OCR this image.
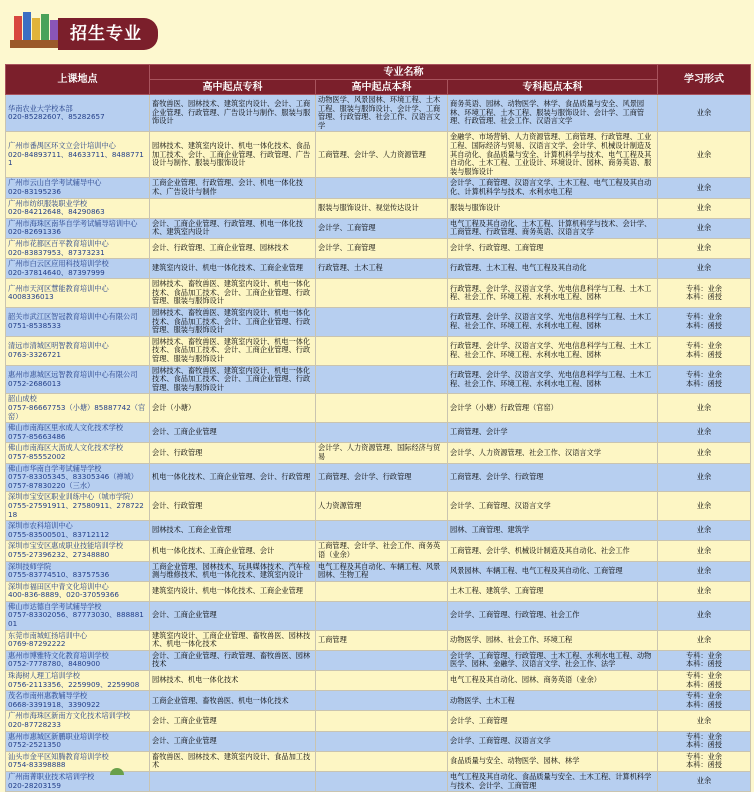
招生专业
上课地点	专业名称			学习形式
	高中起点专科	高中起点本科	专科起点本科	
华南农业大学校本部
020-85282607、85282657	畜牧兽医、园林技术、建筑室内设计、会计、工商企业管理、行政管理、广告设计与制作、服装与服饰设计	动物医学、风景园林、环境工程、土木工程、服装与服饰设计、会计学、工商管理、行政管理、社会工作、汉语言文学	商务英语、园林、动物医学、林学、食品质量与安全、风景园林、环境工程、土木工程、服装与服饰设计、会计学、工商管理、行政管理、社会工作、汉语言文学	业余
广州市番禺区环文立会计培训中心
020-84893711、84633711、84887711	园林技术、建筑室内设计、机电一体化技术、食品加工技术、会计、工商企业管理、行政管理、广告设计与制作、服装与服饰设计	工商管理、会计学、人力资源管理	金融学、市场营销、人力资源管理、工商管理、行政管理、工业工程、国际经济与贸易、汉语言文学、会计学、机械设计制造及其自动化、食品质量与安全、计算机科学与技术、电气工程及其自动化、土木工程、工业设计、环境设计、园林、商务英语、服装与服饰设计	业余
广州市云山自学考试辅导中心
020-83195236	工商企业管理、行政管理、会计、机电一体化技术、广告设计与制作		会计学、工商管理、汉语言文学、土木工程、电气工程及其自动化、计算机科学与技术、水利水电工程	业余
广州市纺织服装职业学校
020-84212648、84290863		服装与服饰设计、视觉传达设计	服装与服饰设计	业余
广州市海珠区南华自学考试辅导培训中心
020-82691336	会计、工商企业管理、行政管理、机电一体化技术、建筑室内设计	会计学、工商管理	电气工程及其自动化、土木工程、计算机科学与技术、会计学、工商管理、行政管理、商务英语、汉语言文学	业余
广州市花都区百平教育培训中心
020-83837953、87373231	会计、行政管理、工商企业管理、园林技术	会计学、工商管理	会计学、行政管理、工商管理	业余
广州市白云区应用科技培训学校
020-37814640、87397999	建筑室内设计、机电一体化技术、工商企业管理	行政管理、土木工程	行政管理、土木工程、电气工程及其自动化	业余
广州市天河区慧能教育培训中心
4008336013	园林技术、畜牧兽医、建筑室内设计、机电一体化技术、食品加工技术、会计、工商企业管理、行政管理、服装与服饰设计		行政管理、会计学、汉语言文学、光电信息科学与工程、土木工程、社会工作、环境工程、水利水电工程、园林	专科：业余
本科：函授
韶关市武江区智冠教育培训中心有限公司
0751-8538533	园林技术、畜牧兽医、建筑室内设计、机电一体化技术、食品加工技术、会计、工商企业管理、行政管理、服装与服饰设计		行政管理、会计学、汉语言文学、光电信息科学与工程、土木工程、社会工作、环境工程、水利水电工程、园林	专科：业余
本科：函授
清远市清城区明智教育培训中心
0763-3326721	园林技术、畜牧兽医、建筑室内设计、机电一体化技术、食品加工技术、会计、工商企业管理、行政管理、服装与服饰设计		行政管理、会计学、汉语言文学、光电信息科学与工程、土木工程、社会工作、环境工程、水利水电工程、园林	专科：业余
本科：函授
惠州市惠城区远智教育培训中心有限公司
0752-2686013	园林技术、畜牧兽医、建筑室内设计、机电一体化技术、食品加工技术、会计、工商企业管理、行政管理、服装与服饰设计		行政管理、会计学、汉语言文学、光电信息科学与工程、土木工程、社会工作、环境工程、水利水电工程、园林	专科：业余
本科：函授
韶山成校
0757-86667753（小塘）85887742（官窑）	会计（小塘）		会计学（小塘）行政管理（官窑）	业余
佛山市南海区里水成人文化技术学校
0757-85663486	会计、工商企业管理		工商管理、会计学	业余
佛山市南海区大沥成人文化技术学校
0757-85552002	会计、行政管理	会计学、人力资源管理、国际经济与贸易	会计学、人力资源管理、社会工作、汉语言文学	业余
佛山市华南自学考试辅导学校
0757-83305345、83305346（禅城）
0757-87830220（三水）	机电一体化技术、工商企业管理、会计、行政管理	工商管理、会计学、行政管理	工商管理、会计学、行政管理	业余
深圳市宝安区职业训练中心（城市学院）
0755-27591911、27580911、27872218	会计、行政管理	人力资源管理	会计学、工商管理、汉语言文学	业余
深圳市农科培训中心
0755-83500501、83712112	园林技术、工商企业管理		园林、工商管理、建筑学	业余
深圳市宝安区惠成职业技能培训学校
0755-27396232、27348880	机电一体化技术、工商企业管理、会计	工商管理、会计学、社会工作、商务英语（业余）	工商管理、会计学、机械设计制造及其自动化、社会工作	业余
深圳技师学院
0755-83774510、83757536	工商企业管理、园林技术、玩具媒体技术、汽车检测与维修技术、机电一体化技术、建筑室内设计	电气工程及其自动化、车辆工程、风景园林、生物工程	风景园林、车辆工程、电气工程及其自动化、工商管理	业余
深圳市福田区中青文化培训中心
400-836-8889、020-37059366	建筑室内设计、机电一体化技术、工商企业管理		土木工程、建筑学、工商管理	业余
佛山市达德自学考试辅导学校
0757-83302056、87773030、88888101	会计、工商企业管理		会计学、工商管理、行政管理、社会工作	业余
东莞市南城虹扬培训中心
0769-87292222	建筑室内设计、工商企业管理、畜牧兽医、园林技术、机电一体化技术	工商管理	动物医学、园林、社会工作、环境工程	业余
惠州市博雅特文化教育培训学校
0752-7778780、8480900	会计、工商企业管理、行政管理、畜牧兽医、园林技术		会计学、工商管理、行政管理、土木工程、水利水电工程、动物医学、园林、金融学、汉语言文学、社会工作、法学	专科：业余
本科：函授
珠海树人理工培训学校
0756-2113356、2259909、2259908	园林技术、机电一体化技术		电气工程及其自动化、园林、商务英语（业余）	专科：业余
本科：函授
茂名市南州惠教辅导学校
0668-3391918、3390922	工商企业管理、畜牧兽医、机电一体化技术		动物医学、土木工程	专科：业余
本科：函授
广州市海珠区新南方文化技术培训学校
020-87728233	会计、工商企业管理		会计学、工商管理	业余
惠州市惠城区新鹏职业培训学校
0752-2521350	会计、工商企业管理		会计学、工商管理、汉语言文学	专科：业余
本科：函授
汕头市金平区知腾教育培训学校
0754-83398888	畜牧兽医、园林技术、建筑室内设计、食品加工技术		食品质量与安全、动物医学、园林、林学	专科：业余
本科：函授
广州南菁职业技术培训学校
020-28203159			电气工程及其自动化、食品质量与安全、土木工程、计算机科学与技术、会计学、工商管理	业余
